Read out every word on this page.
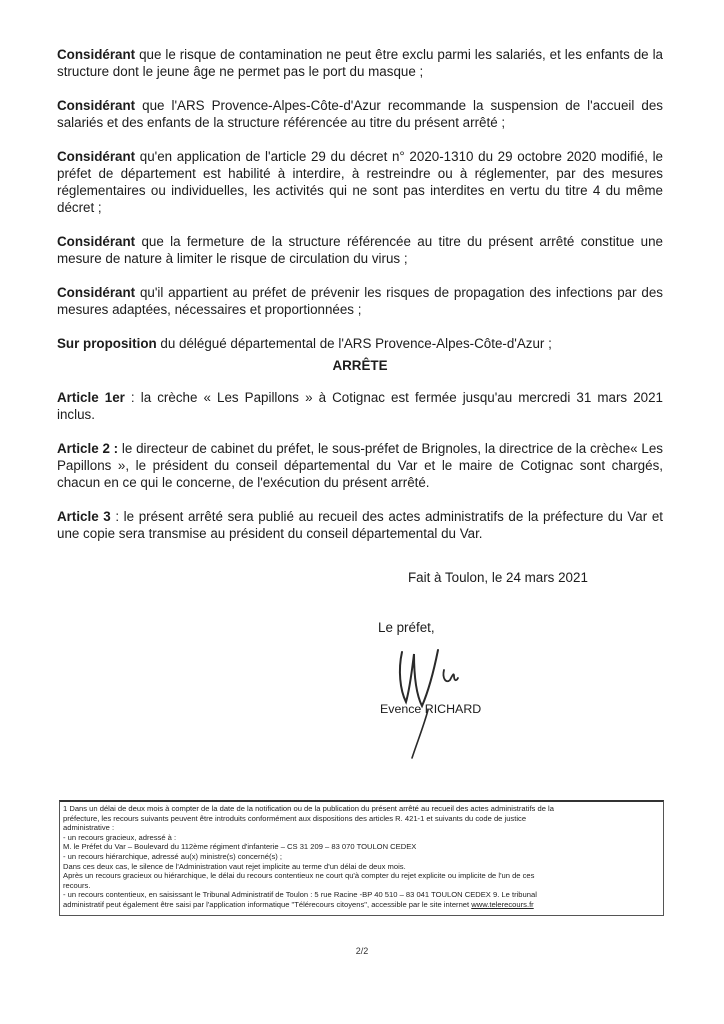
Considérant que le risque de contamination ne peut être exclu parmi les salariés, et les enfants de la structure dont le jeune âge ne permet pas le port du masque ;

Considérant que l'ARS Provence-Alpes-Côte-d'Azur recommande la suspension de l'accueil des salariés et des enfants de la structure référencée au titre du présent arrêté ;

Considérant qu'en application de l'article 29 du décret n° 2020-1310 du 29 octobre 2020 modifié, le préfet de département est habilité à interdire, à restreindre ou à réglementer, par des mesures réglementaires ou individuelles, les activités qui ne sont pas interdites en vertu du titre 4 du même décret ;

Considérant que la fermeture de la structure référencée au titre du présent arrêté constitue une mesure de nature à limiter le risque de circulation du virus ;

Considérant qu'il appartient au préfet de prévenir les risques de propagation des infections par des mesures adaptées, nécessaires et proportionnées ;

Sur proposition du délégué départemental de l'ARS Provence-Alpes-Côte-d'Azur ;

ARRÊTE

Article 1er : la crèche « Les Papillons » à Cotignac est fermée jusqu'au mercredi 31 mars 2021 inclus.

Article 2 : le directeur de cabinet du préfet, le sous-préfet de Brignoles, la directrice de la crèche« Les Papillons », le président du conseil départemental du Var et le maire de Cotignac sont chargés, chacun en ce qui le concerne, de l'exécution du présent arrêté.

Article 3 : le présent arrêté sera publié au recueil des actes administratifs de la préfecture du Var et une copie sera transmise au président du conseil départemental du Var.

Fait à Toulon, le 24 mars 2021
Le préfet,
Evence RICHARD
1 Dans un délai de deux mois à compter de la date de la notification ou de la publication du présent arrêté au recueil des actes administratifs de la
préfecture, les recours suivants peuvent être introduits conformément aux dispositions des articles R. 421-1 et suivants du code de justice
administrative :
- un recours gracieux, adressé à :
M. le Préfet du Var – Boulevard du 112ème régiment d'infanterie – CS 31 209 – 83 070 TOULON CEDEX
- un recours hiérarchique, adressé au(x) ministre(s) concerné(s) ;
Dans ces deux cas, le silence de l'Administration vaut rejet implicite au terme d'un délai de deux mois.
Après un recours gracieux ou hiérarchique, le délai du recours contentieux ne court qu'à compter du rejet explicite ou implicite de l'un de ces
recours.
- un recours contentieux, en saisissant le Tribunal Administratif de Toulon : 5 rue Racine -BP 40 510 – 83 041 TOULON CEDEX 9. Le tribunal
administratif peut également être saisi par l'application informatique "Télérecours citoyens", accessible par le site internet www.telerecours.fr
2/2
